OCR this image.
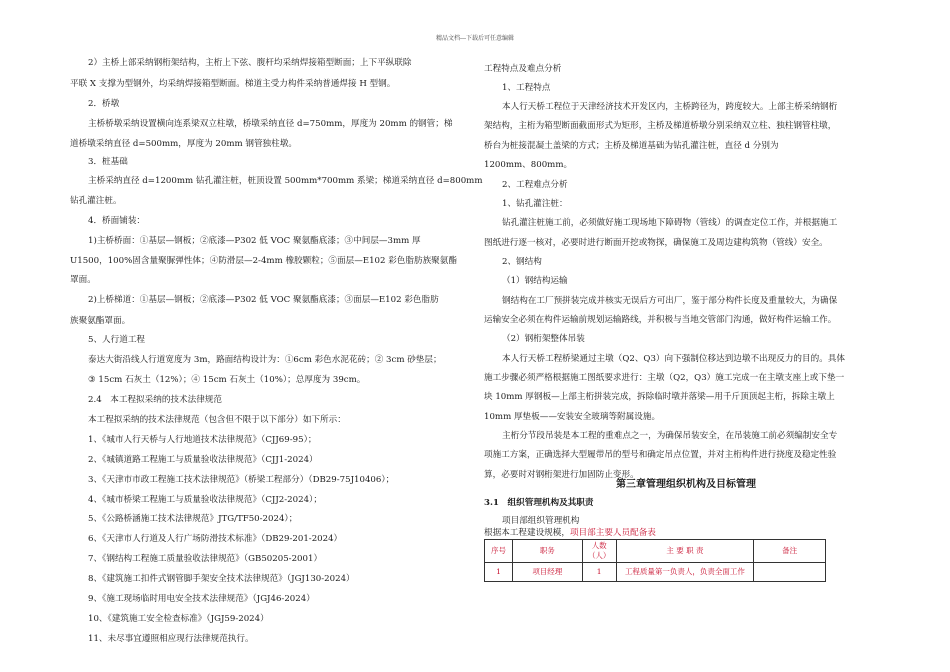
精品文档---下载后可任意编辑
2）主桥上部采纳钢桁架结构，主桁上下弦、腹杆均采纳焊接箱型断面；上下平纵联除
平联 X 支撑为型钢外，均采纳焊接箱型断面。梯道主受力构件采纳普通焊接 H 型钢。
2．桥墩
主桥桥墩采纳设置横向连系梁双立柱墩，桥墩采纳直径 d=750mm，厚度为 20mm 的钢管；梯
道桥墩采纳直径 d=500mm，厚度为 20mm 钢管独柱墩。
3．桩基础
主桥采纳直径 d=1200mm 钻孔灌注桩，桩顶设置 500mm*700mm 系梁；梯道采纳直径 d=800mm
钻孔灌注桩。
4．桥面铺装：
1)主桥桥面：①基层—钢板；②底漆—P302 低 VOC 聚氨酯底漆；③中间层—3mm 厚
U1500，100%固含量聚脲弹性体；④防滑层—2-4mm 橡胶颗粒；⑤面层—E102 彩色脂肪族聚氨酯
罩面。
2)上桥梯道：①基层—钢板；②底漆—P302 低 VOC 聚氨酯底漆；③面层—E102 彩色脂肪
族聚氨酯罩面。
5、人行道工程
泰达大街沿线人行道宽度为 3m，路面结构设计为：①6cm 彩色水泥花砖；② 3cm 砂垫层；
③ 15cm 石灰土（12%）；④ 15cm 石灰土（10%）；总厚度为 39cm。
2.4　本工程拟采纳的技术法律规范
本工程拟采纳的技术法律规范（包含但不限于以下部分）如下所示：
1、《城市人行天桥与人行地道技术法律规范》（CJJ69-95）；
2、《城镇道路工程施工与质量验收法律规范》（CJJ1-2024）
3、《天津市市政工程施工技术法律规范》（桥梁工程部分）（DB29-75J10406）；
4、《城市桥梁工程施工与质量验收法律规范》（CJJ2-2024）；
5、《公路桥涵施工技术法律规范》JTG/TF50-2024）；
6、《天津市人行道及人行广场防滑技术标准》（DB29-201-2024）
7、《钢结构工程施工质量验收法律规范》（GB50205-2001）
8、《建筑施工扣件式钢管脚手架安全技术法律规范》（JGJ130-2024）
9、《施工现场临时用电安全技术法律规范》（JGJ46-2024）
10、《建筑施工安全检查标准》（JGJ59-2024）
11、未尽事宜遵照相应现行法律规范执行。
工程特点及难点分析
1、工程特点
本人行天桥工程位于天津经济技术开发区内，主桥跨径为，跨度较大。上部主桥采纳钢桁
架结构，主桁为箱型断面截面形式为矩形，主桥及梯道桥墩分别采纳双立柱、独柱钢管柱墩，
桥台为桩接混凝土盖梁的方式；主桥及梯道基础为钻孔灌注桩，直径 d 分别为
1200mm、800mm。
2、工程难点分析
1、钻孔灌注桩：
钻孔灌注桩施工前，必须做好施工现场地下障碍物（管线）的调查定位工作，并根据施工
图纸进行逐一核对，必要时进行断面开挖或物探，确保施工及周边建构筑物（管线）安全。
2、钢结构
（1）钢结构运输
钢结构在工厂预拼装完成并核实无误后方可出厂，鉴于部分构件长度及重量较大，为确保
运输安全必须在构件运输前规划运输路线，并积极与当地交管部门沟通，做好构件运输工作。
（2）钢桁架整体吊装
本人行天桥工程桥梁通过主墩（Q2、Q3）向下强制位移达到边墩不出现反力的目的。具体
施工步骤必须严格根据施工图纸要求进行：主墩（Q2，Q3）施工完成一在主墩支座上或下垫一
块 10mm 厚钢板—上部主桁拼装完成，拆除临时墩并落梁—用千斤顶顶起主桁，拆除主墩上
10mm 厚垫板——安装安全玻璃等附属设施。
主桁分节段吊装是本工程的重难点之一，为确保吊装安全，在吊装施工前必须编制安全专
项施工方案，正确选择大型履带吊的型号和确定吊点位置，并对主桁构件进行挠度及稳定性验
算，必要时对钢桁架进行加固防止变形。
第三章管理组织机构及目标管理
3.1　组织管理机构及其职责
项目部组织管理机构
根据本工程建设规模，项目部主要人员配备表
序号	职务	人数（人）	主 要 职 责	备注
1	项目经理	1	工程质量第一负责人，负责全面工作	
